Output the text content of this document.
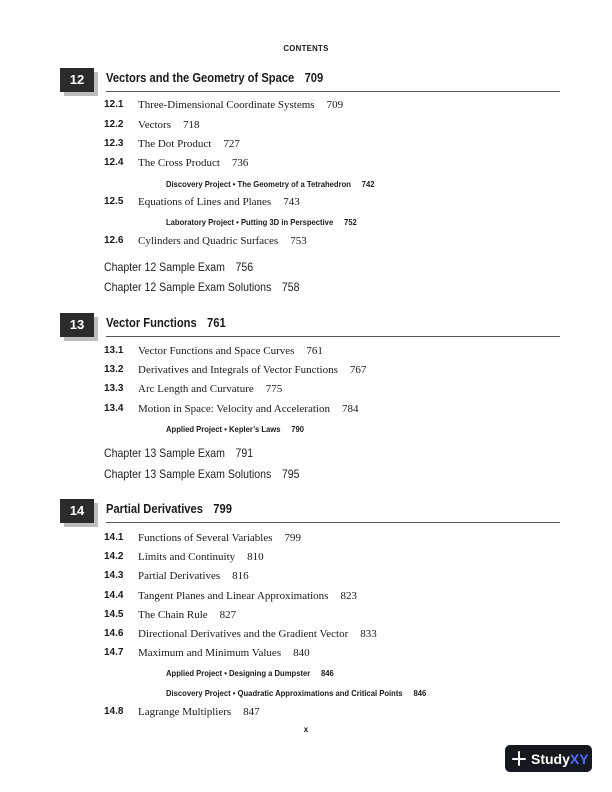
CONTENTS
12	Vectors and the Geometry of Space 709
12.1	Three-Dimensional Coordinate Systems 709
12.2	Vectors 718
12.3	The Dot Product 727
12.4	The Cross Product 736
Discovery Project • The Geometry of a Tetrahedron 742
12.5	Equations of Lines and Planes 743
Laboratory Project • Putting 3D in Perspective 752
12.6	Cylinders and Quadric Surfaces 753
Chapter 12 Sample Exam 756
Chapter 12 Sample Exam Solutions 758
13	Vector Functions 761
13.1	Vector Functions and Space Curves 761
13.2	Derivatives and Integrals of Vector Functions 767
13.3	Arc Length and Curvature 775
13.4	Motion in Space: Velocity and Acceleration 784
Applied Project • Kepler’s Laws 790
Chapter 13 Sample Exam 791
Chapter 13 Sample Exam Solutions 795
14	Partial Derivatives 799
14.1	Functions of Several Variables 799
14.2	Limits and Continuity 810
14.3	Partial Derivatives 816
14.4	Tangent Planes and Linear Approximations 823
14.5	The Chain Rule 827
14.6	Directional Derivatives and the Gradient Vector 833
14.7	Maximum and Minimum Values 840
Applied Project • Designing a Dumpster 846
Discovery Project • Quadratic Approximations and Critical Points 846
14.8	Lagrange Multipliers 847
x
Study XY
